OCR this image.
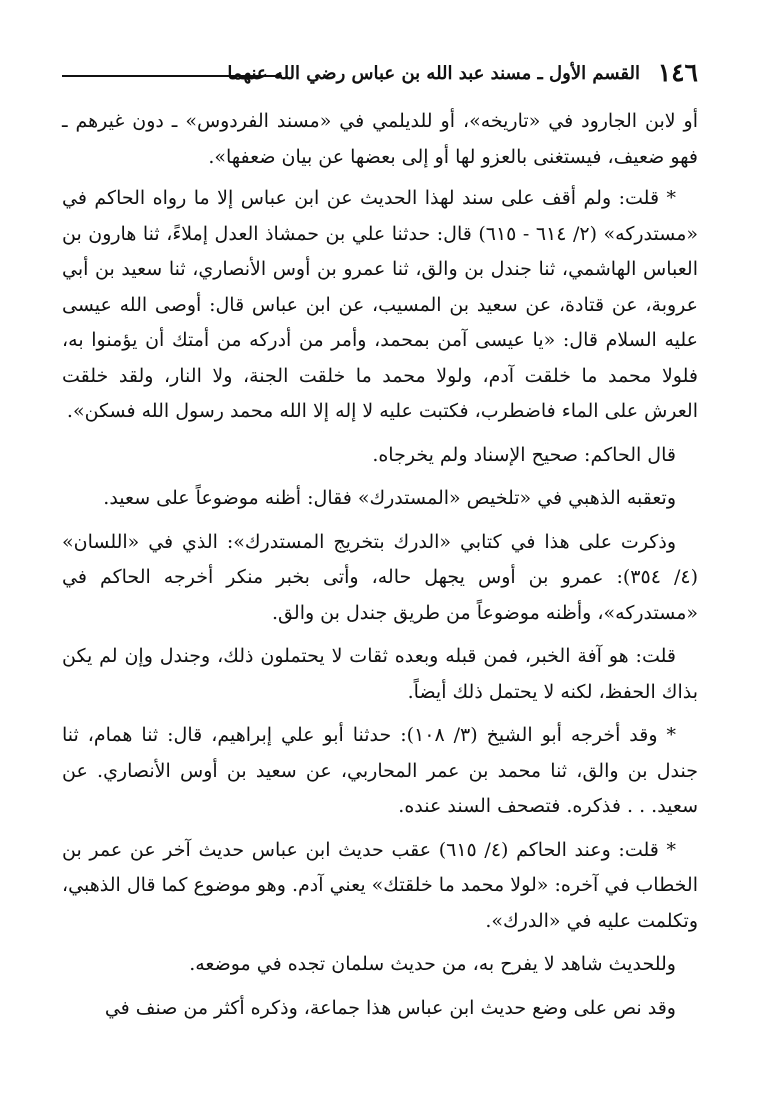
١٤٦
القسم الأول ـ مسند عبد الله بن عباس رضي الله عنهما

أو لابن الجارود في «تاريخه»، أو للديلمي في «مسند الفردوس» ـ دون غيرهم ـ فهو ضعيف، فيستغنى بالعزو لها أو إلى بعضها عن بيان ضعفها».

* قلت: ولم أقف على سند لهذا الحديث عن ابن عباس إلا ما رواه الحاكم في «مستدركه» (٢/ ٦١٤ - ٦١٥) قال: حدثنا علي بن حمشاذ العدل إملاءً، ثنا هارون بن العباس الهاشمي، ثنا جندل بن والق، ثنا عمرو بن أوس الأنصاري، ثنا سعيد بن أبي عروبة، عن قتادة، عن سعيد بن المسيب، عن ابن عباس قال: أوصى الله عيسى عليه السلام قال: «يا عيسى آمن بمحمد، وأمر من أدركه من أمتك أن يؤمنوا به، فلولا محمد ما خلقت آدم، ولولا محمد ما خلقت الجنة، ولا النار، ولقد خلقت العرش على الماء فاضطرب، فكتبت عليه لا إله إلا الله محمد رسول الله فسكن».

قال الحاكم: صحيح الإسناد ولم يخرجاه.

وتعقبه الذهبي في «تلخيص «المستدرك» فقال: أظنه موضوعاً على سعيد.

وذكرت على هذا في كتابي «الدرك بتخريج المستدرك»: الذي في «اللسان» (٤/ ٣٥٤): عمرو بن أوس يجهل حاله، وأتى بخبر منكر أخرجه الحاكم في «مستدركه»، وأظنه موضوعاً من طريق جندل بن والق.

قلت: هو آفة الخبر، فمن قبله وبعده ثقات لا يحتملون ذلك، وجندل وإن لم يكن بذاك الحفظ، لكنه لا يحتمل ذلك أيضاً.

* وقد أخرجه أبو الشيخ (٣/ ١٠٨): حدثنا أبو علي إبراهيم، قال: ثنا همام، ثنا جندل بن والق، ثنا محمد بن عمر المحاربي، عن سعيد بن أوس الأنصاري. عن سعيد. . . فذكره. فتصحف السند عنده.

* قلت: وعند الحاكم (٤/ ٦١٥) عقب حديث ابن عباس حديث آخر عن عمر بن الخطاب في آخره: «لولا محمد ما خلقتك» يعني آدم. وهو موضوع كما قال الذهبي، وتكلمت عليه في «الدرك».

وللحديث شاهد لا يفرح به، من حديث سلمان تجده في موضعه.

وقد نص على وضع حديث ابن عباس هذا جماعة، وذكره أكثر من صنف في
